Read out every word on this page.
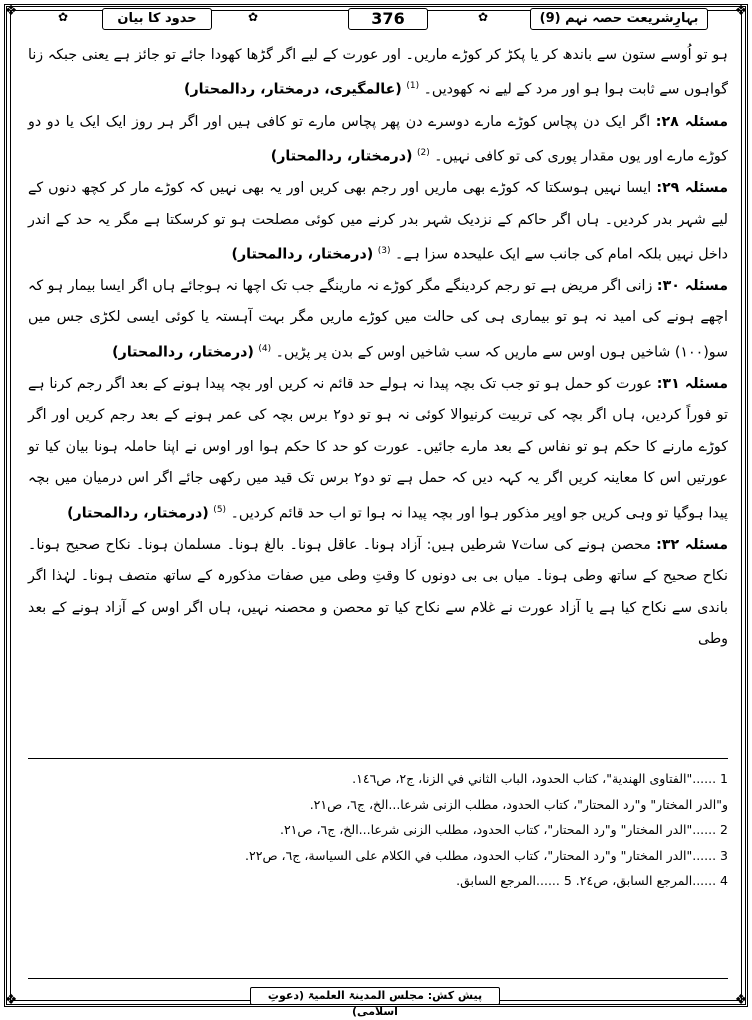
❖	❖
❖	❖
✿	حدود کا بیان	✿	376	✿	بہارِشریعت حصہ نہم (9)

ہو تو اُوسے ستون سے باندھ کر یا پکڑ کر کوڑے ماریں۔ اور عورت کے لیے اگر گڑھا کھودا جائے تو جائز ہے یعنی جبکہ زنا گواہوں سے ثابت ہوا ہو اور مرد کے لیے نہ کھودیں۔ $^{(1)}$ (عالمگیری، درمختار، ردالمحتار)

مسئلہ ۲۸: اگر ایک دن پچاس کوڑے مارے دوسرے دن پھر پچاس مارے تو کافی ہیں اور اگر ہر روز ایک ایک یا دو دو کوڑے مارے اور یوں مقدار پوری کی تو کافی نہیں۔ $^{(2)}$ (درمختار، ردالمحتار)

مسئلہ ۲۹: ایسا نہیں ہوسکتا کہ کوڑے بھی ماریں اور رجم بھی کریں اور یہ بھی نہیں کہ کوڑے مار کر کچھ دنوں کے لیے شہر بدر کردیں۔ ہاں اگر حاکم کے نزدیک شہر بدر کرنے میں کوئی مصلحت ہو تو کرسکتا ہے مگر یہ حد کے اندر داخل نہیں بلکہ امام کی جانب سے ایک علیحدہ سزا ہے۔ $^{(3)}$ (درمختار، ردالمحتار)

مسئلہ ۳۰: زانی اگر مریض ہے تو رجم کردینگے مگر کوڑے نہ مارینگے جب تک اچھا نہ ہوجائے ہاں اگر ایسا بیمار ہو کہ اچھے ہونے کی امید نہ ہو تو بیماری ہی کی حالت میں کوڑے ماریں مگر بہت آہستہ یا کوئی ایسی لکڑی جس میں سو(۱۰۰) شاخیں ہوں اوس سے ماریں کہ سب شاخیں اوس کے بدن پر پڑیں۔ $^{(4)}$ (درمختار، ردالمحتار)

مسئلہ ۳۱: عورت کو حمل ہو تو جب تک بچہ پیدا نہ ہولے حد قائم نہ کریں اور بچہ پیدا ہونے کے بعد اگر رجم کرنا ہے تو فوراً کردیں، ہاں اگر بچہ کی تربیت کرنیوالا کوئی نہ ہو تو دو۲ برس بچہ کی عمر ہونے کے بعد رجم کریں اور اگر کوڑے مارنے کا حکم ہو تو نفاس کے بعد مارے جائیں۔ عورت کو حد کا حکم ہوا اور اوس نے اپنا حاملہ ہونا بیان کیا تو عورتیں اس کا معاینہ کریں اگر یہ کہہ دیں کہ حمل ہے تو دو۲ برس تک قید میں رکھی جائے اگر اس درمیان میں بچہ پیدا ہوگیا تو وہی کریں جو اوپر مذکور ہوا اور بچہ پیدا نہ ہوا تو اب حد قائم کردیں۔ $^{(5)}$ (درمختار، ردالمحتار)

مسئلہ ۳۲: محصن ہونے کی سات۷ شرطیں ہیں: آزاد ہونا۔ عاقل ہونا۔ بالغ ہونا۔ مسلمان ہونا۔ نکاح صحیح ہونا۔ نکاح صحیح کے ساتھ وطی ہونا۔ میاں بی بی دونوں کا وقتِ وطی میں صفات مذکورہ کے ساتھ متصف ہونا۔ لہٰذا اگر باندی سے نکاح کیا ہے یا آزاد عورت نے غلام سے نکاح کیا تو محصن و محصنہ نہیں، ہاں اگر اوس کے آزاد ہونے کے بعد وطی

1 ......"الفتاوى الهندية"، كتاب الحدود، الباب الثاني في الزنا، ج٢، ص١٤٦.
و"الدر المختار" و"رد المحتار"، كتاب الحدود، مطلب الزنى شرعا...الخ، ج٦، ص٢١.
2 ......"الدر المختار" و"رد المحتار"، كتاب الحدود، مطلب الزنى شرعا...الخ، ج٦، ص٢١.
3 ......"الدر المختار" و"رد المحتار"، كتاب الحدود، مطلب في الكلام على السياسة، ج٦، ص٢٢.
4 ......المرجع السابق، ص٢٤. 5 ......المرجع السابق.
پیش کش: مجلس المدینۃ العلمیۃ (دعوتِ اسلامی)
